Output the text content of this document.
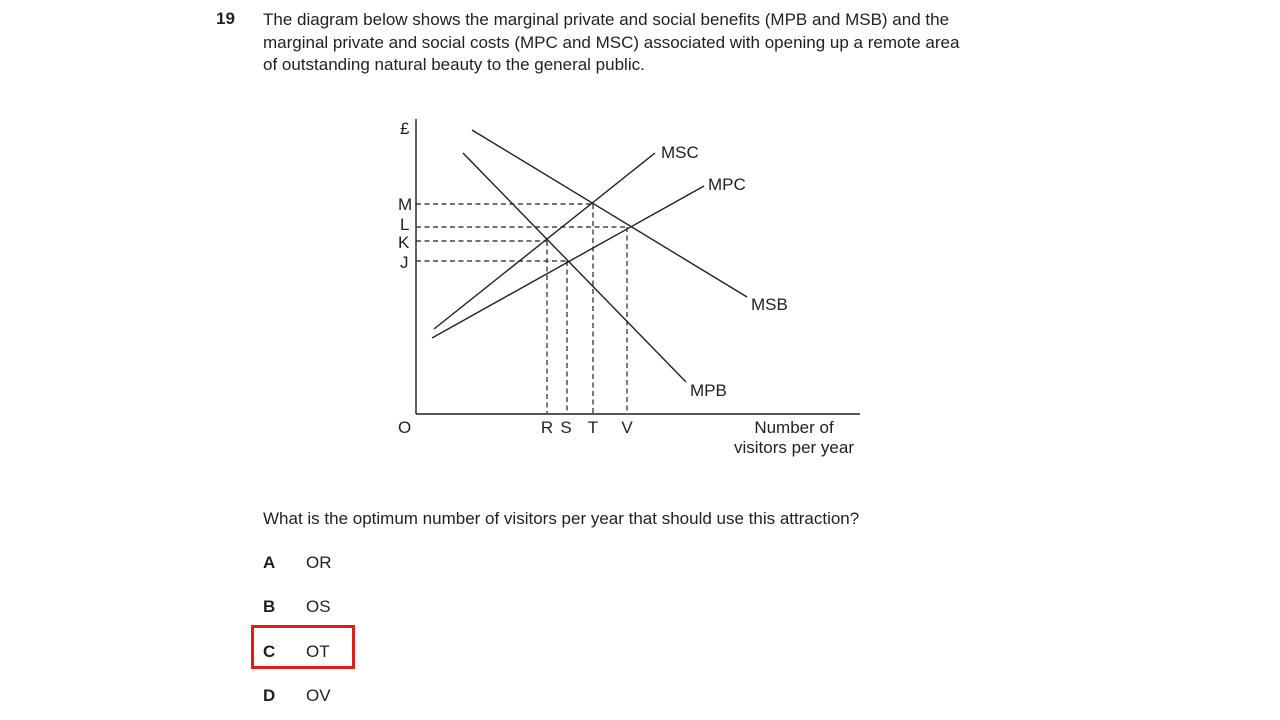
19 The diagram below shows the marginal private and social benefits (MPB and MSB) and the
marginal private and social costs (MPC and MSC) associated with opening up a remote area
of outstanding natural beauty to the general public.
MSC
MPC
MSB
MPB
£
O
M
L
K
J
R S T V	Number of
visitors per year
What is the optimum number of visitors per year that should use this attraction?
A OR
B OS
C OT
D OV
